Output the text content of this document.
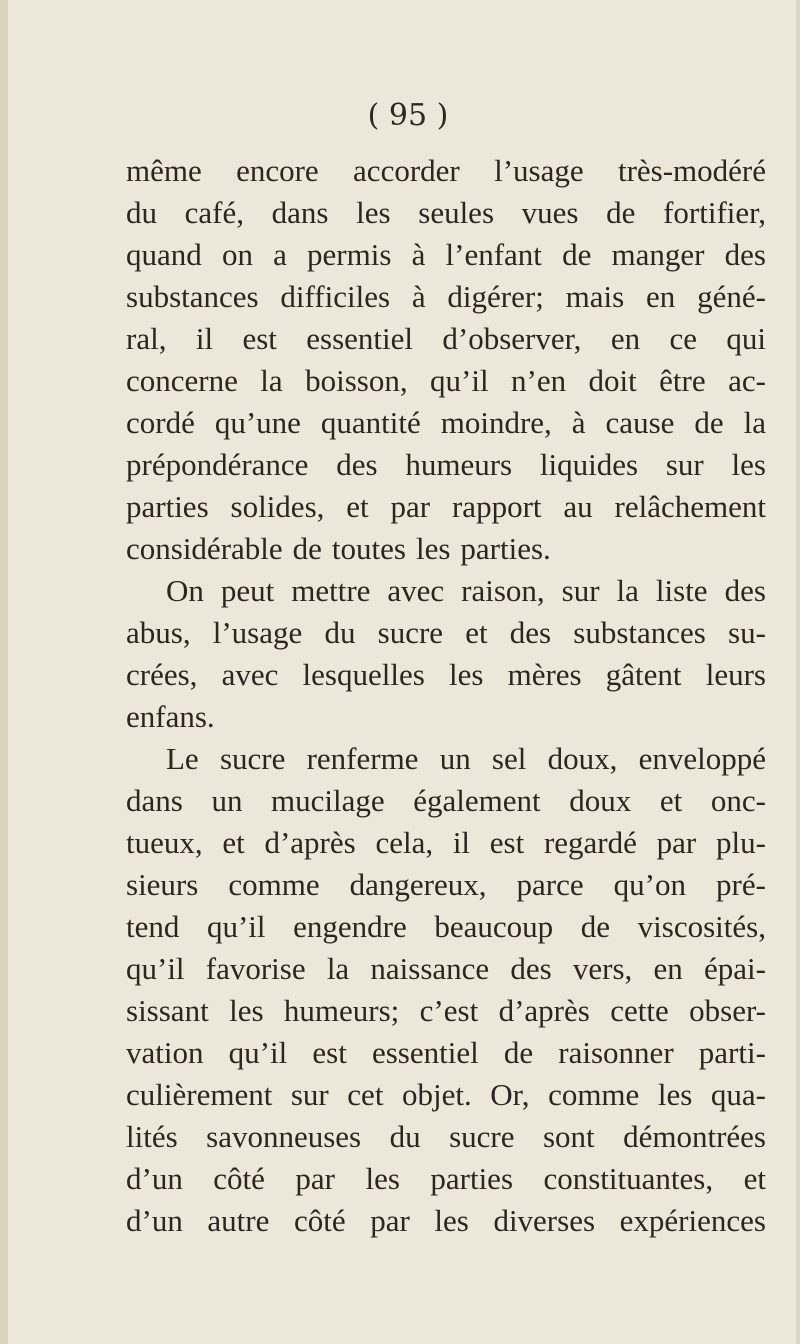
( 95 )
même encore accorder l’usage très-modéré
du café, dans les seules vues de fortifier,
quand on a permis à l’enfant de manger des
substances difficiles à digérer; mais en géné-
ral, il est essentiel d’observer, en ce qui
concerne la boisson, qu’il n’en doit être ac-
cordé qu’une quantité moindre, à cause de la
prépondérance des humeurs liquides sur les
parties solides, et par rapport au relâchement
considérable de toutes les parties.
On peut mettre avec raison, sur la liste des
abus, l’usage du sucre et des substances su-
crées, avec lesquelles les mères gâtent leurs
enfans.
Le sucre renferme un sel doux, enveloppé
dans un mucilage également doux et onc-
tueux, et d’après cela, il est regardé par plu-
sieurs comme dangereux, parce qu’on pré-
tend qu’il engendre beaucoup de viscosités,
qu’il favorise la naissance des vers, en épai-
sissant les humeurs; c’est d’après cette obser-
vation qu’il est essentiel de raisonner parti-
culièrement sur cet objet. Or, comme les qua-
lités savonneuses du sucre sont démontrées
d’un côté par les parties constituantes, et
d’un autre côté par les diverses expériences
